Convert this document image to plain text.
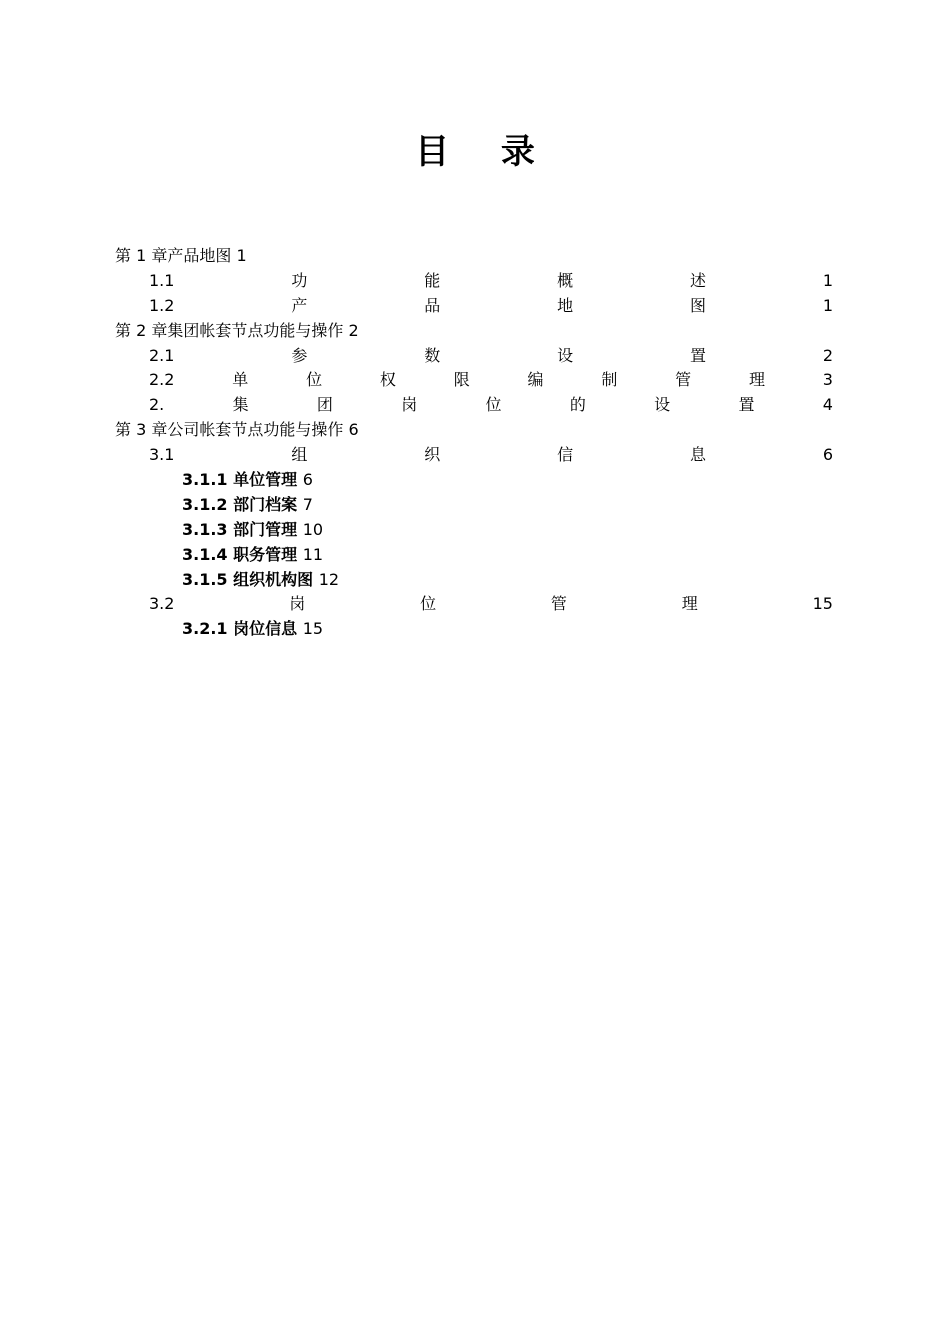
目 录
第 1 章产品地图 1
1.1	功	能	概	述	1
1.2	产	品	地	图	1
第 2 章集团帐套节点功能与操作 2
2.1	参	数	设	置	2
2.2	单	位	权	限	编	制	管	理	3
2.	集	团	岗	位	的	设	置	4
第 3 章公司帐套节点功能与操作 6
3.1	组	织	信	息	6
3.1.1 单位管理 6
3.1.2 部门档案 7
3.1.3 部门管理 10
3.1.4 职务管理 11
3.1.5 组织机构图 12
3.2	岗	位	管	理	15
3.2.1 岗位信息 15
